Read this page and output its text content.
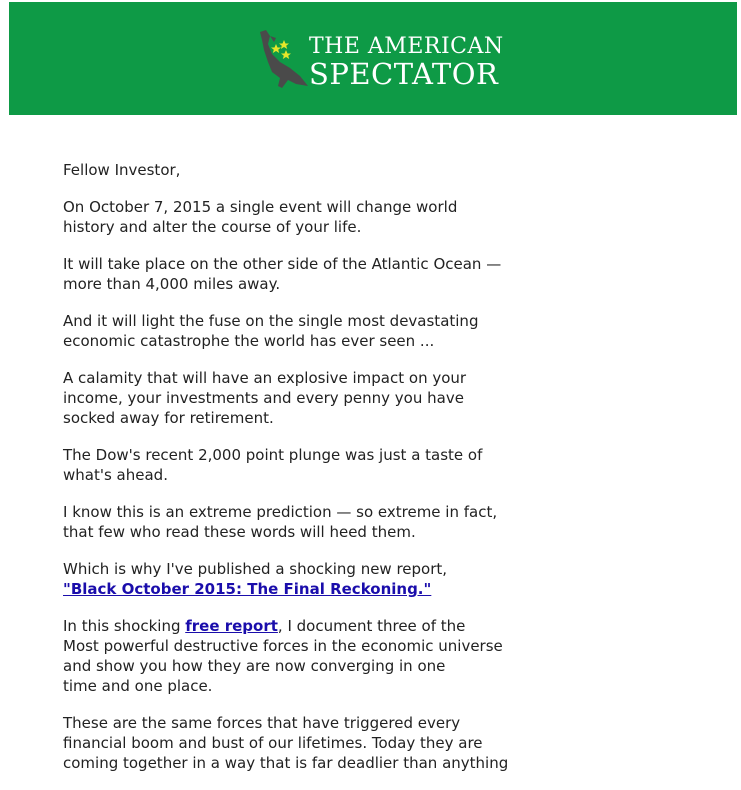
THE AMERICAN
SPECTATOR

Fellow Investor,

On October 7, 2015 a single event will change world
history and alter the course of your life.

It will take place on the other side of the Atlantic Ocean —
more than 4,000 miles away.

And it will light the fuse on the single most devastating
economic catastrophe the world has ever seen ...

A calamity that will have an explosive impact on your
income, your investments and every penny you have
socked away for retirement.

The Dow's recent 2,000 point plunge was just a taste of
what's ahead.

I know this is an extreme prediction — so extreme in fact,
that few who read these words will heed them.

Which is why I've published a shocking new report,
"Black October 2015: The Final Reckoning."

In this shocking free report, I document three of the
Most powerful destructive forces in the economic universe
and show you how they are now converging in one
time and one place.

These are the same forces that have triggered every
financial boom and bust of our lifetimes. Today they are
coming together in a way that is far deadlier than anything
